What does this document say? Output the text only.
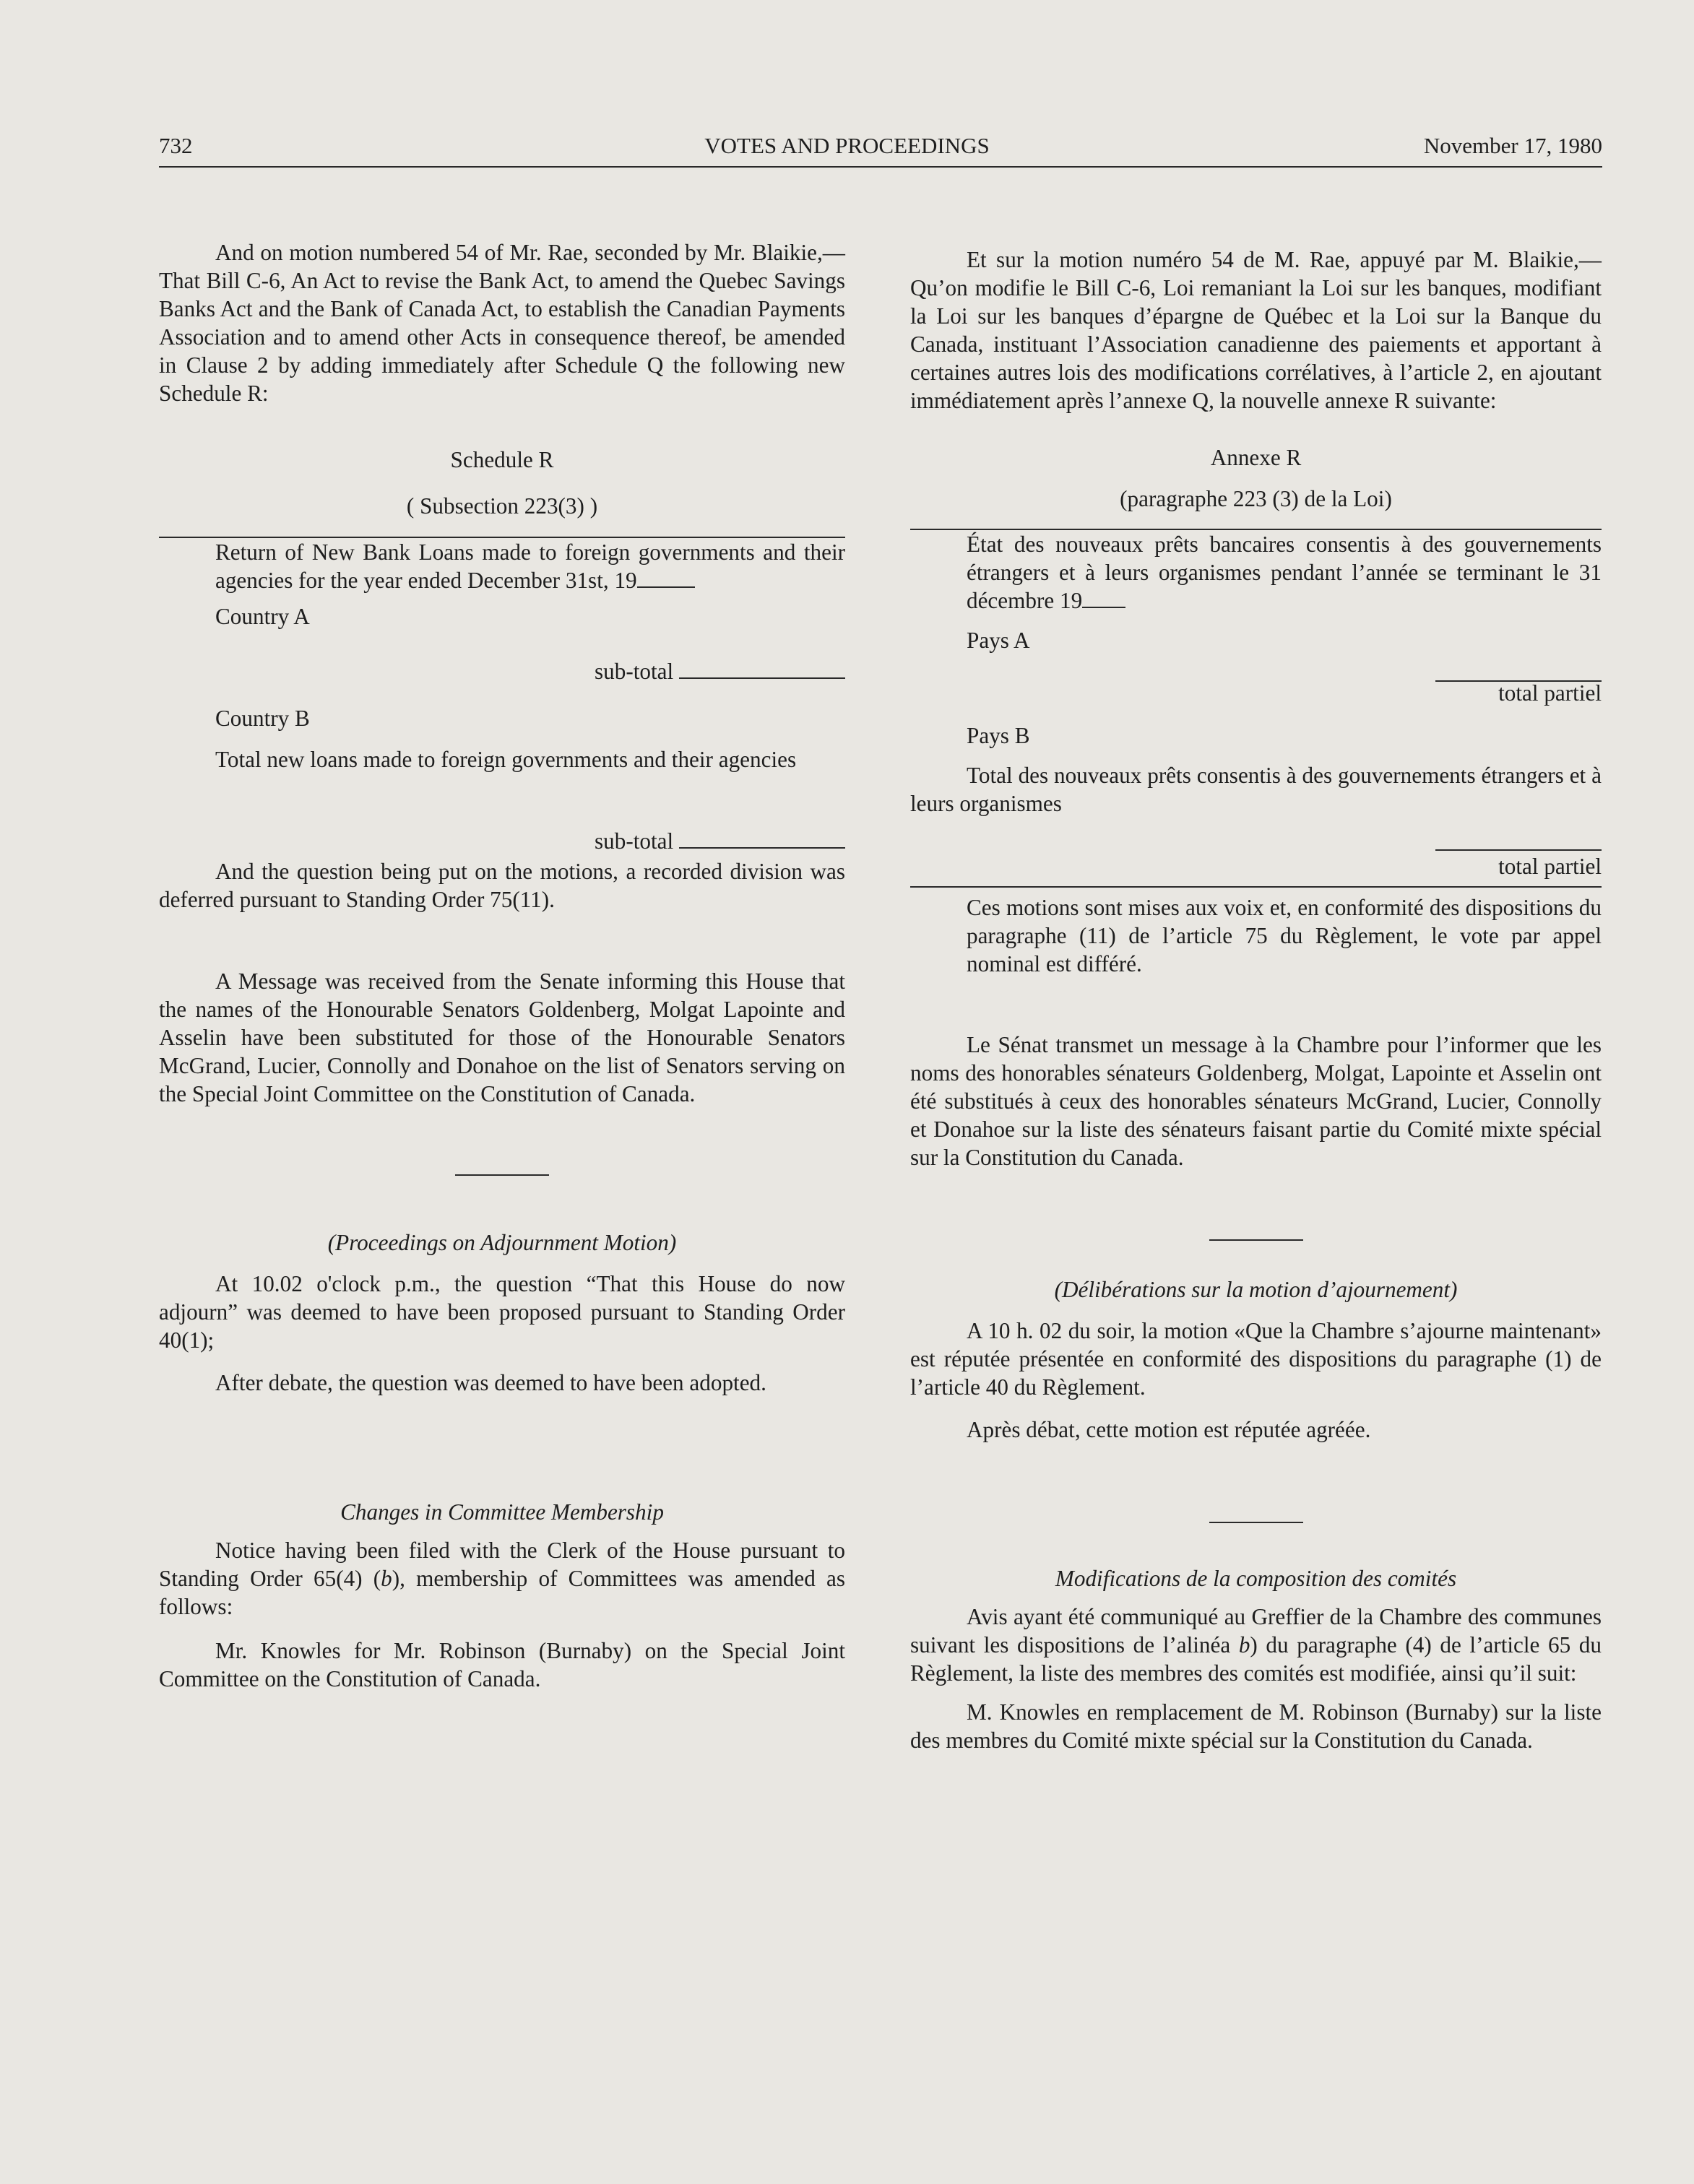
732	VOTES AND PROCEEDINGS	November 17, 1980

And on motion numbered 54 of Mr. Rae, seconded by Mr. Blaikie,—That Bill C-6, An Act to revise the Bank Act, to amend the Quebec Savings Banks Act and the Bank of Canada Act, to establish the Canadian Payments Association and to amend other Acts in consequence thereof, be amended in Clause 2 by adding immediately after Schedule Q the following new Schedule R:

Schedule R

( Subsection 223(3) )

Return of New Bank Loans made to foreign governments and their agencies for the year ended December 31st, 19

Country A

sub-total

Country B

Total new loans made to foreign governments and their agencies

sub-total

And the question being put on the motions, a recorded division was deferred pursuant to Standing Order 75(11).

A Message was received from the Senate informing this House that the names of the Honourable Senators Goldenberg, Molgat Lapointe and Asselin have been substituted for those of the Honourable Senators McGrand, Lucier, Connolly and Donahoe on the list of Senators serving on the Special Joint Committee on the Constitution of Canada.

(Proceedings on Adjournment Motion)

At 10.02 o'clock p.m., the question “That this House do now adjourn” was deemed to have been proposed pursuant to Standing Order 40(1);

After debate, the question was deemed to have been adopted.

Changes in Committee Membership

Notice having been filed with the Clerk of the House pursuant to Standing Order 65(4) (b), membership of Committees was amended as follows:

Mr. Knowles for Mr. Robinson (Burnaby) on the Special Joint Committee on the Constitution of Canada.

Et sur la motion numéro 54 de M. Rae, appuyé par M. Blaikie,—Qu’on modifie le Bill C-6, Loi remaniant la Loi sur les banques, modifiant la Loi sur les banques d’épargne de Québec et la Loi sur la Banque du Canada, instituant l’Association canadienne des paiements et apportant à certaines autres lois des modifications corrélatives, à l’article 2, en ajoutant immédiatement après l’annexe Q, la nouvelle annexe R suivante:

Annexe R

(paragraphe 223 (3) de la Loi)

État des nouveaux prêts bancaires consentis à des gouvernements étrangers et à leurs organismes pendant l’année se terminant le 31 décembre 19

Pays A

total partiel

Pays B

Total des nouveaux prêts consentis à des gouvernements étrangers et à leurs organismes

total partiel

Ces motions sont mises aux voix et, en conformité des dispositions du paragraphe (11) de l’article 75 du Règlement, le vote par appel nominal est différé.

Le Sénat transmet un message à la Chambre pour l’informer que les noms des honorables sénateurs Goldenberg, Molgat, Lapointe et Asselin ont été substitués à ceux des honorables sénateurs McGrand, Lucier, Connolly et Donahoe sur la liste des sénateurs faisant partie du Comité mixte spécial sur la Constitution du Canada.

(Délibérations sur la motion d’ajournement)

A 10 h. 02 du soir, la motion «Que la Chambre s’ajourne maintenant» est réputée présentée en conformité des dispositions du paragraphe (1) de l’article 40 du Règlement.

Après débat, cette motion est réputée agréée.

Modifications de la composition des comités

Avis ayant été communiqué au Greffier de la Chambre des communes suivant les dispositions de l’alinéa b) du paragraphe (4) de l’article 65 du Règlement, la liste des membres des comités est modifiée, ainsi qu’il suit:

M. Knowles en remplacement de M. Robinson (Burnaby) sur la liste des membres du Comité mixte spécial sur la Constitution du Canada.
